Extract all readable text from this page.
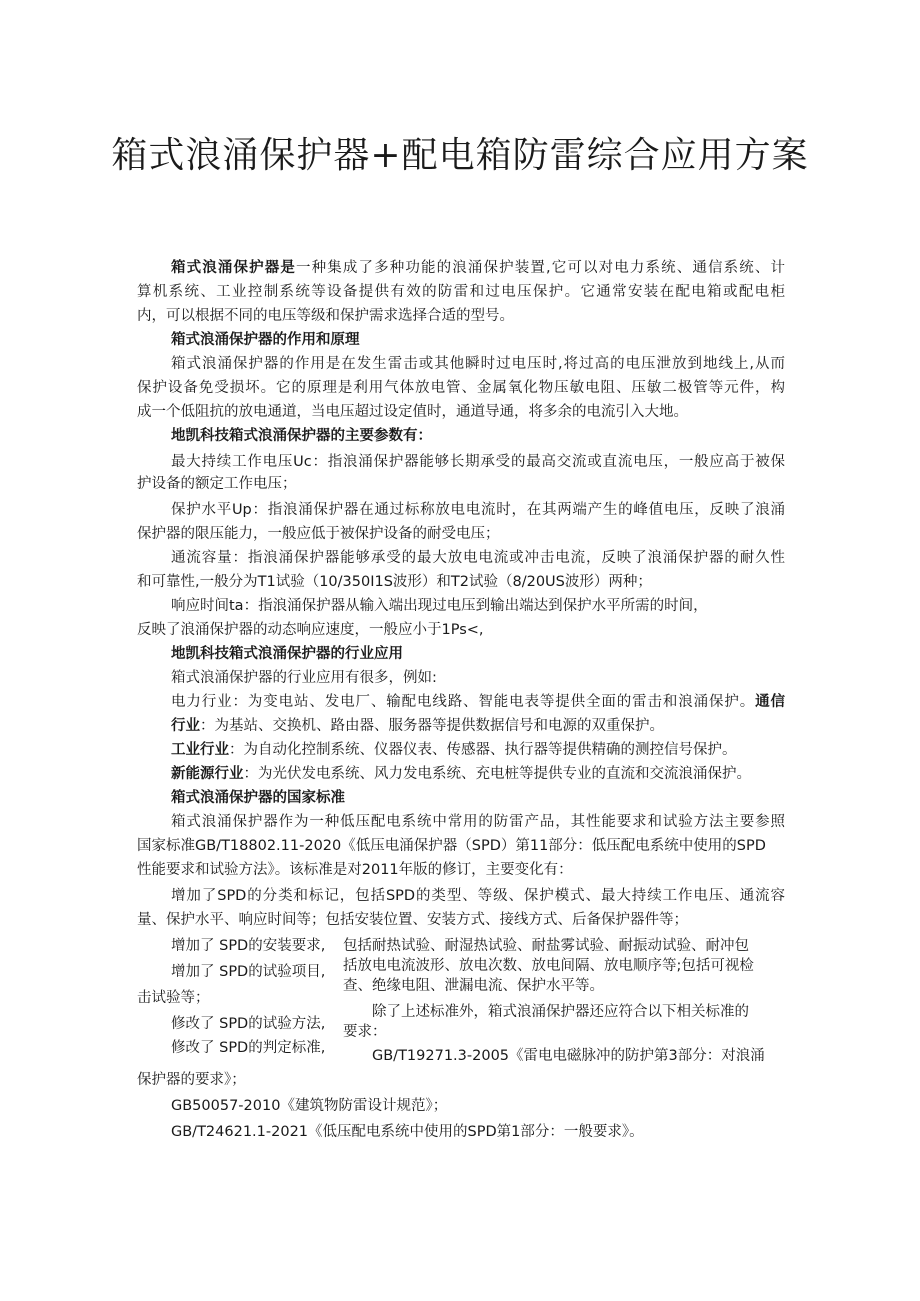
箱式浪涌保护器+配电箱防雷综合应用方案

箱式浪涌保护器是一种集成了多种功能的浪涌保护装置,它可以对电力系统、通信系统、计

算机系统、工业控制系统等设备提供有效的防雷和过电压保护。它通常安装在配电箱或配电柜

内，可以根据不同的电压等级和保护需求选择合适的型号。

箱式浪涌保护器的作用和原理

箱式浪涌保护器的作用是在发生雷击或其他瞬时过电压时,将过高的电压泄放到地线上,从而

保护设备免受损坏。它的原理是利用气体放电管、金属氧化物压敏电阻、压敏二极管等元件，构

成一个低阻抗的放电通道，当电压超过设定值时，通道导通，将多余的电流引入大地。

地凯科技箱式浪涌保护器的主要参数有：

最大持续工作电压Uc：指浪涌保护器能够长期承受的最高交流或直流电压，一般应高于被保

护设备的额定工作电压；

保护水平Up：指浪涌保护器在通过标称放电电流时，在其两端产生的峰值电压，反映了浪涌

保护器的限压能力，一般应低于被保护设备的耐受电压；

通流容量：指浪涌保护器能够承受的最大放电电流或冲击电流，反映了浪涌保护器的耐久性

和可靠性,一般分为T1试验（10/350I1S波形）和T2试验（8/20US波形）两种；

响应时间ta：指浪涌保护器从输入端出现过电压到输出端达到保护水平所需的时间，

反映了浪涌保护器的动态响应速度，一般应小于1Ps<,

地凯科技箱式浪涌保护器的行业应用

箱式浪涌保护器的行业应用有很多，例如:

电力行业：为变电站、发电厂、输配电线路、智能电表等提供全面的雷击和浪涌保护。通信

行业：为基站、交换机、路由器、服务器等提供数据信号和电源的双重保护。

工业行业：为自动化控制系统、仪器仪表、传感器、执行器等提供精确的测控信号保护。

新能源行业：为光伏发电系统、风力发电系统、充电桩等提供专业的直流和交流浪涌保护。

箱式浪涌保护器的国家标准

箱式浪涌保护器作为一种低压配电系统中常用的防雷产品，其性能要求和试验方法主要参照

国家标准GB/T18802.11-2020《低压电涌保护器（SPD）第11部分：低压配电系统中使用的SPD

性能要求和试验方法》。该标准是对2011年版的修订，主要变化有：

增加了SPD的分类和标记，包括SPD的类型、等级、保护模式、最大持续工作电压、通流容

量、保护水平、响应时间等；包括安装位置、安装方式、接线方式、后备保护器件等；

增加了 SPD的安装要求,

增加了 SPD的试验项目,

击试验等；

修改了 SPD的试验方法,

修改了 SPD的判定标准,

包括耐热试验、耐湿热试验、耐盐雾试验、耐振动试验、耐冲包

括放电电流波形、放电次数、放电间隔、放电顺序等;包括可视检

查、绝缘电阻、泄漏电流、保护水平等。

除了上述标准外，箱式浪涌保护器还应符合以下相关标准的

要求：

GB/T19271.3-2005《雷电电磁脉冲的防护第3部分：对浪涌

保护器的要求》；

GB50057-2010《建筑物防雷设计规范》；

GB/T24621.1-2021《低压配电系统中使用的SPD第1部分：一般要求》。
